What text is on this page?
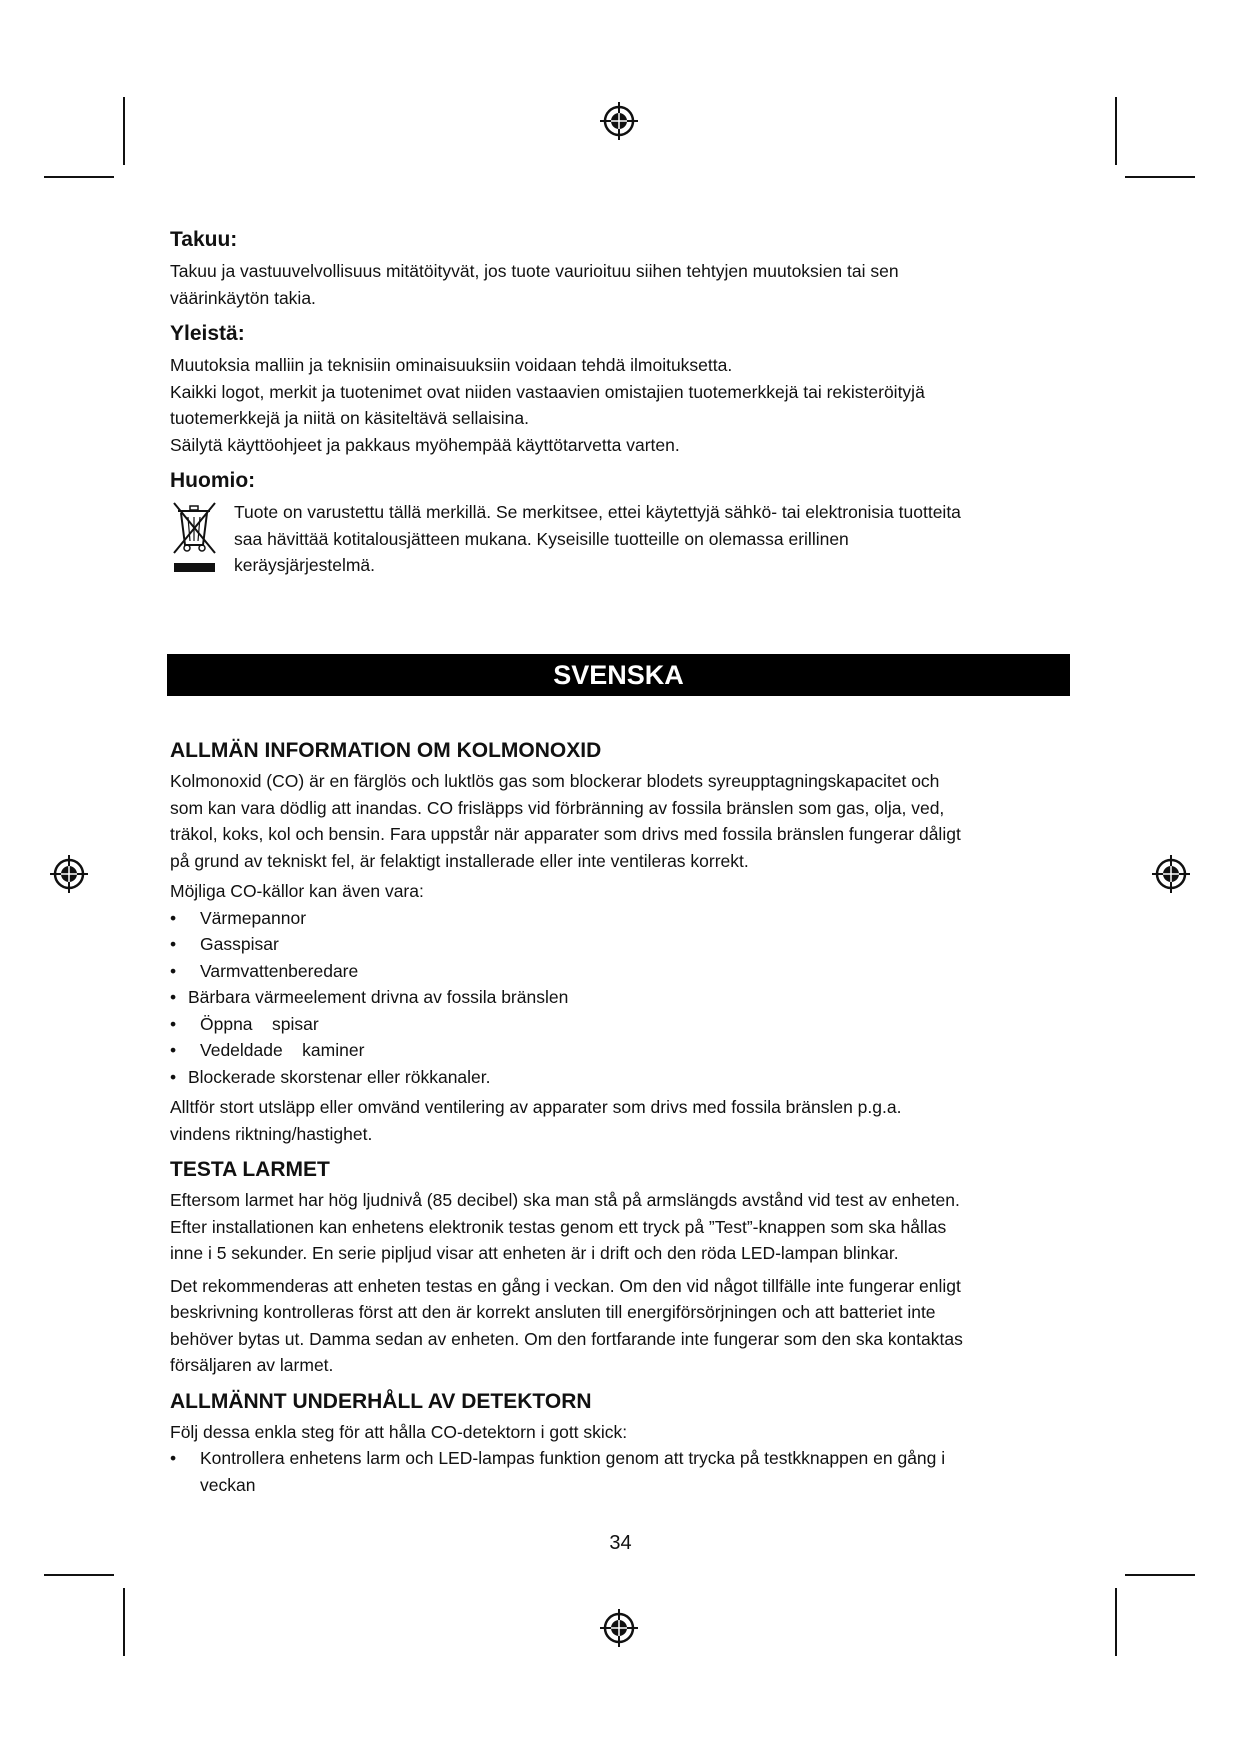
Takuu:

Takuu ja vastuuvelvollisuus mitätöityvät, jos tuote vaurioituu siihen tehtyjen muutoksien tai sen
väärinkäytön takia.

Yleistä:

Muutoksia malliin ja teknisiin ominaisuuksiin voidaan tehdä ilmoituksetta.
Kaikki logot, merkit ja tuotenimet ovat niiden vastaavien omistajien tuotemerkkejä tai rekisteröityjä
tuotemerkkejä ja niitä on käsiteltävä sellaisina.
Säilytä käyttöohjeet ja pakkaus myöhempää käyttötarvetta varten.

Huomio:

Tuote on varustettu tällä merkillä. Se merkitsee, ettei käytettyjä sähkö- tai elektronisia tuotteita
saa hävittää kotitalousjätteen mukana. Kyseisille tuotteille on olemassa erillinen
keräysjärjestelmä.

SVENSKA
ALLMÄN INFORMATION OM KOLMONOXID

Kolmonoxid (CO) är en färglös och luktlös gas som blockerar blodets syreupptagningskapacitet och
som kan vara dödlig att inandas. CO frisläpps vid förbränning av fossila bränslen som gas, olja, ved,
träkol, koks, kol och bensin. Fara uppstår när apparater som drivs med fossila bränslen fungerar dåligt
på grund av tekniskt fel, är felaktigt installerade eller inte ventileras korrekt.

Möjliga CO-källor kan även vara:

• Värmepannor
• Gasspisar
• Varmvattenberedare
• Bärbara värmeelement drivna av fossila bränslen
• Öppna    spisar
• Vedeldade    kaminer
• Blockerade skorstenar eller rökkanaler.

Alltför stort utsläpp eller omvänd ventilering av apparater som drivs med fossila bränslen p.g.a.
vindens riktning/hastighet.

TESTA LARMET

Eftersom larmet har hög ljudnivå (85 decibel) ska man stå på armslängds avstånd vid test av enheten.
Efter installationen kan enhetens elektronik testas genom ett tryck på ”Test”-knappen som ska hållas
inne i 5 sekunder. En serie pipljud visar att enheten är i drift och den röda LED-lampan blinkar.

Det rekommenderas att enheten testas en gång i veckan. Om den vid något tillfälle inte fungerar enligt
beskrivning kontrolleras först att den är korrekt ansluten till energiförsörjningen och att batteriet inte
behöver bytas ut. Damma sedan av enheten. Om den fortfarande inte fungerar som den ska kontaktas
försäljaren av larmet.

ALLMÄNNT UNDERHÅLL AV DETEKTORN

Följ dessa enkla steg för att hålla CO-detektorn i gott skick:

• Kontrollera enhetens larm och LED-lampas funktion genom att trycka på testkknappen en gång i
veckan
34
